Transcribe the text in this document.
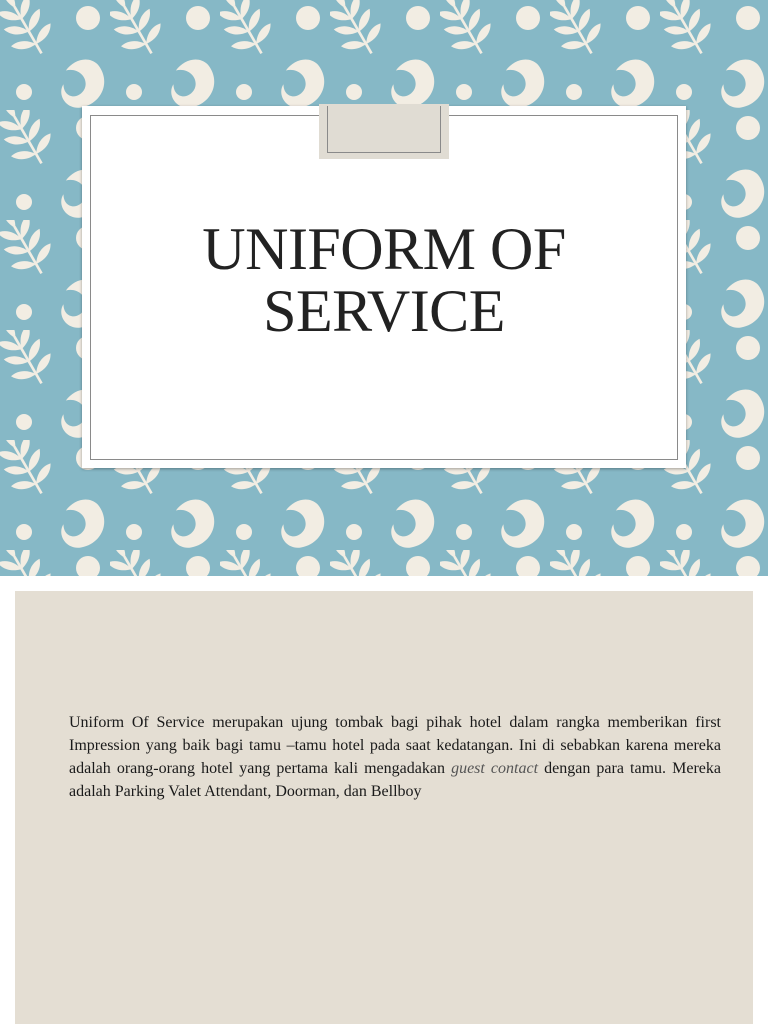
UNIFORM OF
SERVICE
Uniform Of Service merupakan ujung tombak bagi pihak hotel dalam rangka memberikan first Impression yang baik bagi tamu –tamu hotel pada saat kedatangan. Ini di sebabkan karena mereka adalah orang-orang hotel yang pertama kali mengadakan guest contact dengan para tamu. Mereka adalah Parking Valet Attendant, Doorman, dan Bellboy
